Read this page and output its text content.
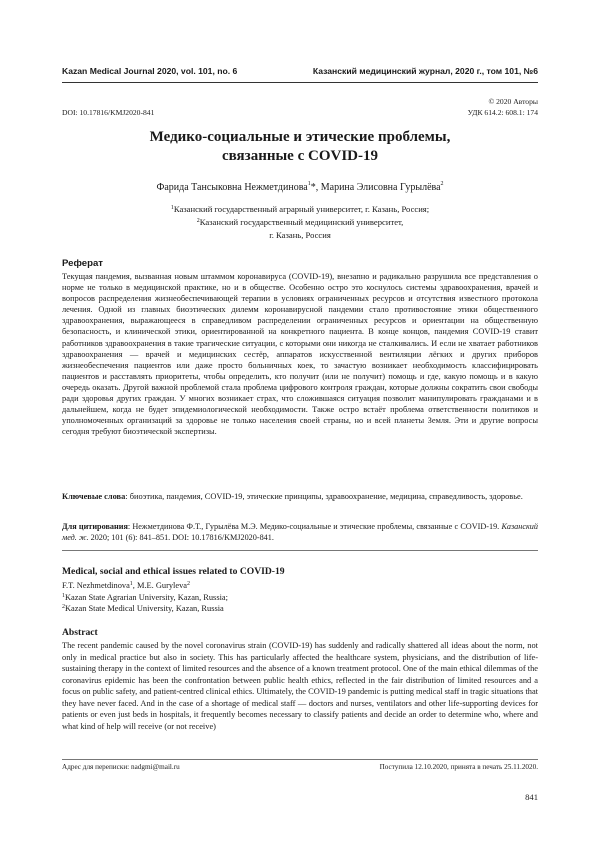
Kazan Medical Journal 2020, vol. 101, no. 6	Казанский медицинский журнал, 2020 г., том 101, №6
© 2020 Авторы
УДК 614.2: 608.1: 174
DOI: 10.17816/KMJ2020-841
Медико-социальные и этические проблемы,
связанные с COVID-19
Фарида Тансыковна Нежметдинова$^1$*, Марина Элисовна Гурылёва$^2$
$^1$Казанский государственный аграрный университет, г. Казань, Россия;
$^2$Казанский государственный медицинский университет,
г. Казань, Россия
Реферат
Текущая пандемия, вызванная новым штаммом коронавируса (COVID-19), внезапно и радикально разрушила все представления о норме не только в медицинской практике, но и в обществе. Особенно остро это коснулось системы здравоохранения, врачей и вопросов распределения жизнеобеспечивающей терапии в условиях ограниченных ресурсов и отсутствия известного протокола лечения. Одной из главных биоэтических дилемм коронавирусной пандемии стало противостояние этики общественного здравоохранения, выражающееся в справедливом распределении ограниченных ресурсов и ориентации на общественную безопасность, и клинической этики, ориентированной на конкретного пациента. В конце концов, пандемия COVID-19 ставит работников здравоохранения в такие трагические ситуации, с которыми они никогда не сталкивались. И если не хватает работников здравоохранения — врачей и медицинских сестёр, аппаратов искусственной вентиляции лёгких и других приборов жизнеобеспечения пациентов или даже просто больничных коек, то зачастую возникает необходимость классифицировать пациентов и расставлять приоритеты, чтобы определить, кто получит (или не получит) помощь и где, какую помощь и в какую очередь оказать. Другой важной проблемой стала проблема цифрового контроля граждан, которые должны сократить свои свободы ради здоровья других граждан. У многих возникает страх, что сложившаяся ситуация позволит манипулировать гражданами и в дальнейшем, когда не будет эпидемиологической необходимости. Также остро встаёт проблема ответственности политиков и уполномоченных организаций за здоровье не только населения своей страны, но и всей планеты Земля. Эти и другие вопросы сегодня требуют биоэтической экспертизы.
Ключевые слова: биоэтика, пандемия, COVID-19, этические принципы, здравоохранение, медицина, справедливость, здоровье.
Для цитирования: Нежметдинова Ф.Т., Гурылёва М.Э. Медико-социальные и этические проблемы, связанные с COVID-19. Казанский мед. ж. 2020; 101 (6): 841–851. DOI: 10.17816/KMJ2020-841.
Medical, social and ethical issues related to COVID-19
F.T. Nezhmetdinova$^1$, M.E. Guryleva$^2$
$^1$Kazan State Agrarian University, Kazan, Russia;
$^2$Kazan State Medical University, Kazan, Russia
Abstract
The recent pandemic caused by the novel coronavirus strain (COVID-19) has suddenly and radically shattered all ideas about the norm, not only in medical practice but also in society. This has particularly affected the healthcare system, physicians, and the distribution of life-sustaining therapy in the context of limited resources and the absence of a known treatment protocol. One of the main ethical dilemmas of the coronavirus epidemic has been the confrontation between public health ethics, reflected in the fair distribution of limited resources and a focus on public safety, and patient-centred clinical ethics. Ultimately, the COVID-19 pandemic is putting medical staff in tragic situations that they have never faced. And in the case of a shortage of medical staff — doctors and nurses, ventilators and other life-supporting devices for patients or even just beds in hospitals, it frequently becomes necessary to classify patients and decide an order to determine who, where and what kind of help will receive (or not receive)
Адрес для переписки: nadgmi@mail.ru	Поступила 12.10.2020, принята в печать 25.11.2020.
841
